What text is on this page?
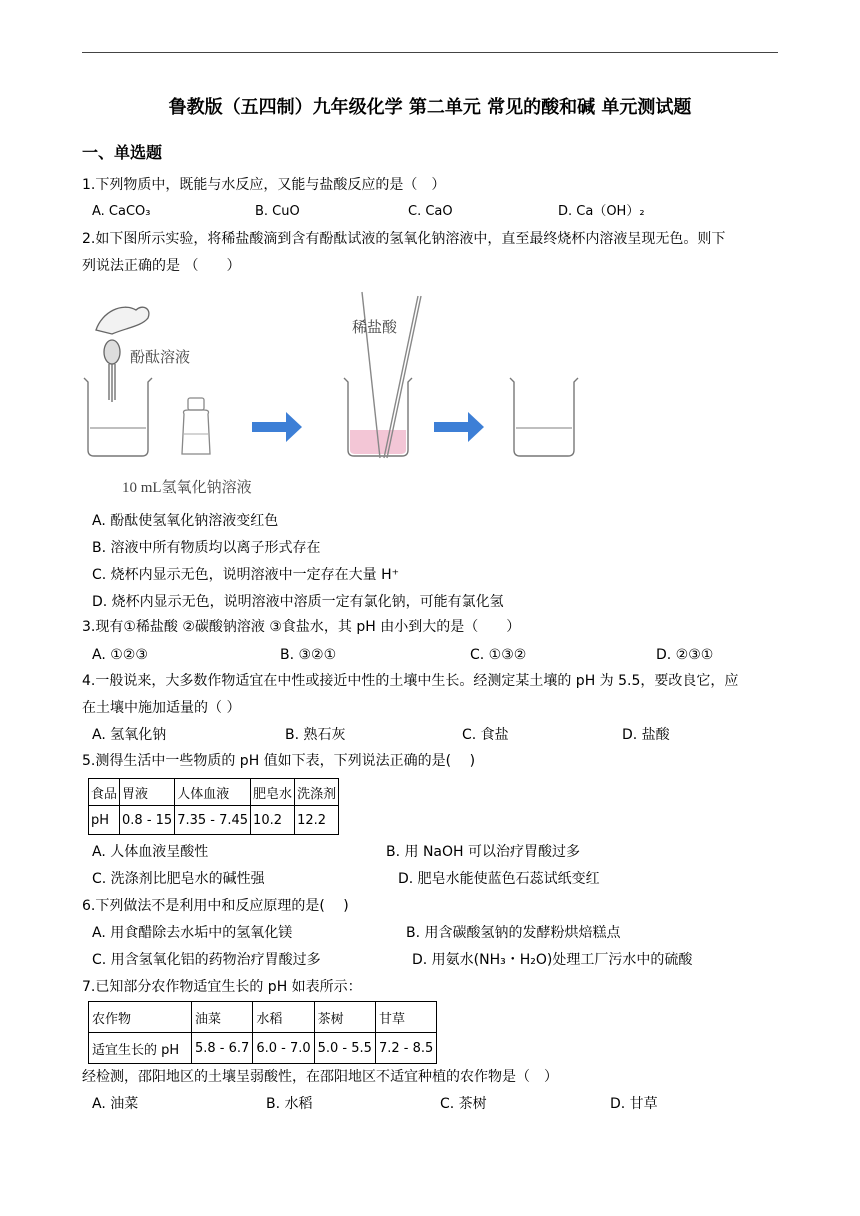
鲁教版（五四制）九年级化学 第二单元 常见的酸和碱 单元测试题
一、单选题
1.下列物质中，既能与水反应，又能与盐酸反应的是（　）
A. CaCO₃	B. CuO	C. CaO	D. Ca（OH）₂
2.如下图所示实验，将稀盐酸滴到含有酚酞试液的氢氧化钠溶液中，直至最终烧杯内溶液呈现无色。则下
列说法正确的是 （　　）
酚酞溶液
10 mL氢氧化钠溶液
稀盐酸
A. 酚酞使氢氧化钠溶液变红色
B. 溶液中所有物质均以离子形式存在
C. 烧杯内显示无色，说明溶液中一定存在大量 H⁺
D. 烧杯内显示无色，说明溶液中溶质一定有氯化钠，可能有氯化氢
3.现有①稀盐酸 ②碳酸钠溶液 ③食盐水，其 pH 由小到大的是（　　）
A. ①②③	B. ③②①	C. ①③②	D. ②③①
4.一般说来，大多数作物适宜在中性或接近中性的土壤中生长。经测定某土壤的 pH 为 5.5，要改良它，应
在土壤中施加适量的（ ）
A. 氢氧化钠	B. 熟石灰	C. 食盐	D. 盐酸
5.测得生活中一些物质的 pH 值如下表，下列说法正确的是(　 )
食品	胃液	人体血液	肥皂水	洗涤剂
pH	0.8 - 15	7.35 - 7.45	10.2	12.2
A. 人体血液呈酸性	B. 用 NaOH 可以治疗胃酸过多
C. 洗涤剂比肥皂水的碱性强	D. 肥皂水能使蓝色石蕊试纸变红
6.下列做法不是利用中和反应原理的是(　 )
A. 用食醋除去水垢中的氢氧化镁	B. 用含碳酸氢钠的发酵粉烘焙糕点
C. 用含氢氧化铝的药物治疗胃酸过多	D. 用氨水(NH₃・H₂O)处理工厂污水中的硫酸
7.已知部分农作物适宜生长的 pH 如表所示：
农作物	油菜	水稻	茶树	甘草
适宜生长的 pH	5.8 - 6.7	6.0 - 7.0	5.0 - 5.5	7.2 - 8.5
经检测，邵阳地区的土壤呈弱酸性，在邵阳地区不适宜种植的农作物是（　）
A. 油菜	B. 水稻	C. 茶树	D. 甘草
